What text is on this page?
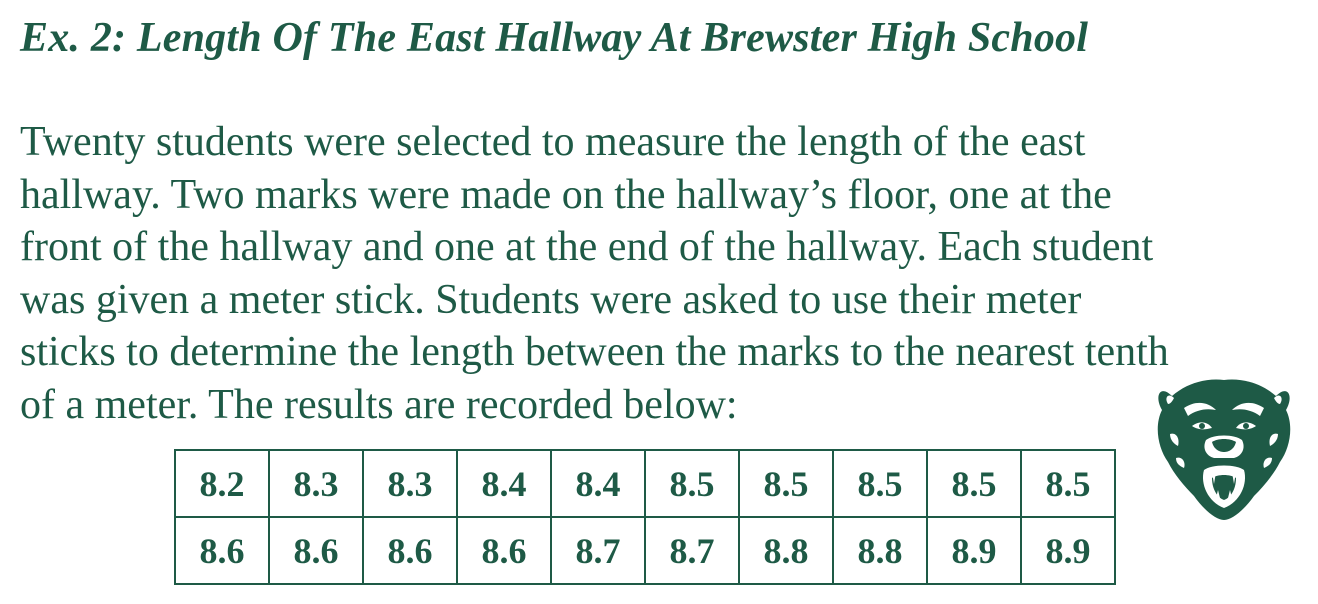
Ex. 2: Length Of The East Hallway At Brewster High School
Twenty students were selected to measure the length of the east
hallway. Two marks were made on the hallway’s floor, one at the
front of the hallway and one at the end of the hallway. Each student
was given a meter stick. Students were asked to use their meter
sticks to determine the length between the marks to the nearest tenth
of a meter. The results are recorded below:
8.2	8.3	8.3	8.4	8.4	8.5	8.5	8.5	8.5	8.5
8.6	8.6	8.6	8.6	8.7	8.7	8.8	8.8	8.9	8.9
